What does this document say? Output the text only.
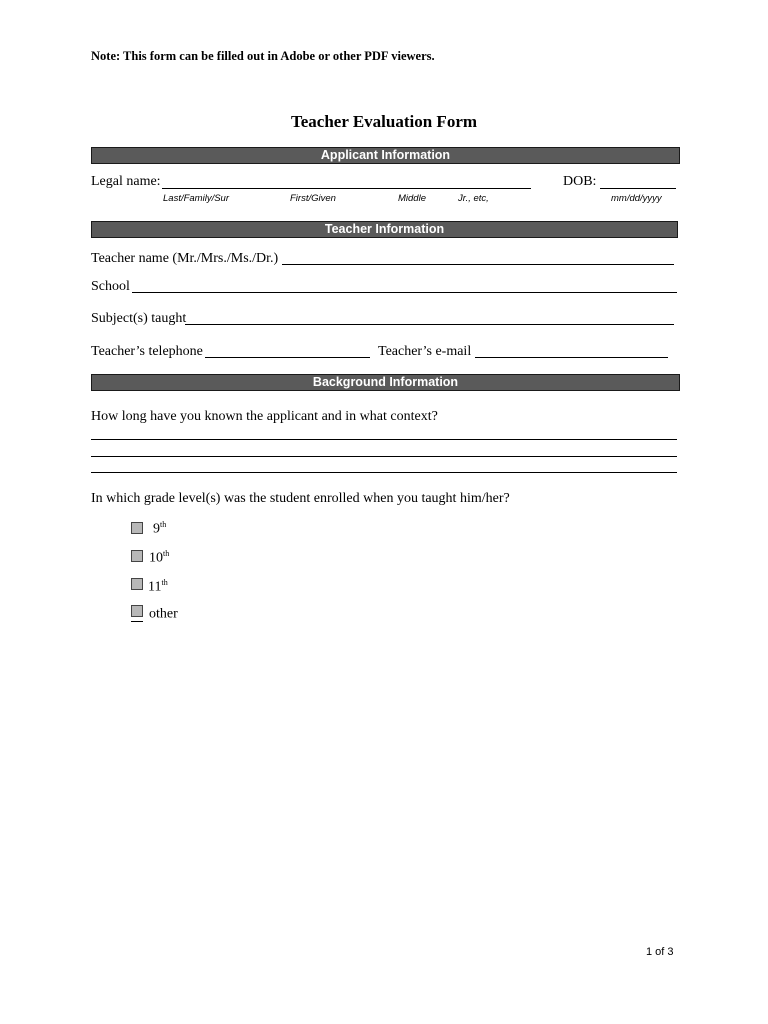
Note: This form can be filled out in Adobe or other PDF viewers.
Teacher Evaluation Form
Applicant Information
Legal name:	DOB:
Last/Family/Sur	First/Given	Middle	Jr., etc,	mm/dd/yyyy
Teacher Information
Teacher name (Mr./Mrs./Ms./Dr.)
School
Subject(s) taught
Teacher’s telephone	Teacher’s e-mail
Background Information
How long have you known the applicant and in what context?
In which grade level(s) was the student enrolled when you taught him/her?
9th
10th
11th
other
1 of 3
